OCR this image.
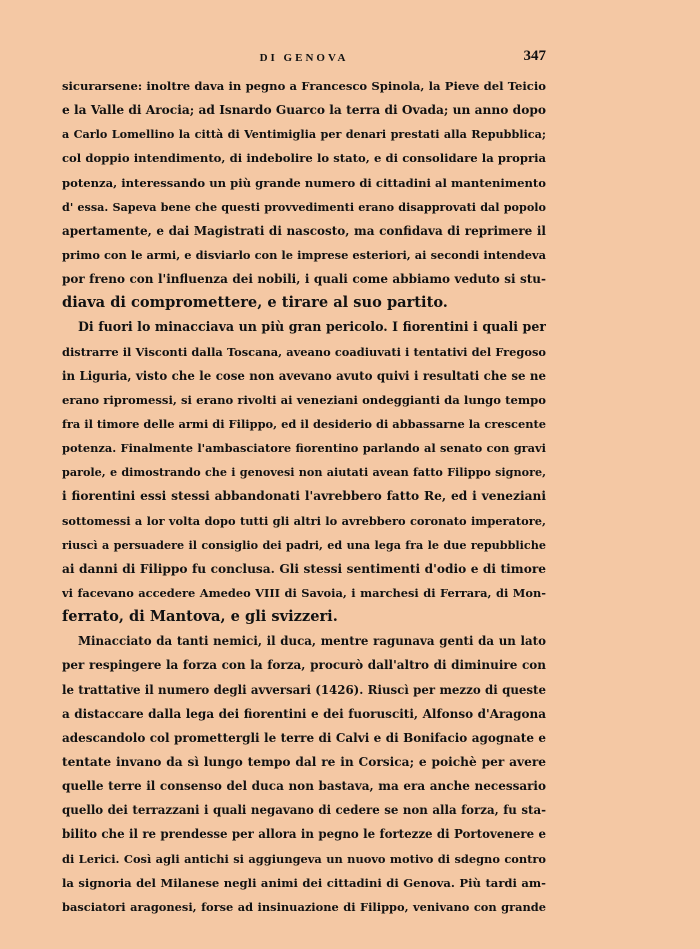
DI GENOVA	347
sicurarsene: inoltre dava in pegno a Francesco Spinola, la Pieve del Teicio
e la Valle di Arocia; ad Isnardo Guarco la terra di Ovada; un anno dopo
a Carlo Lomellino la città di Ventimiglia per denari prestati alla Repubblica;
col doppio intendimento, di indebolire lo stato, e di consolidare la propria
potenza, interessando un più grande numero di cittadini al mantenimento
d' essa. Sapeva bene che questi provvedimenti erano disapprovati dal popolo
apertamente, e dai Magistrati di nascosto, ma confidava di reprimere il
primo con le armi, e disviarlo con le imprese esteriori, ai secondi intendeva
por freno con l'influenza dei nobili, i quali come abbiamo veduto si stu-
diava di compromettere, e tirare al suo partito.
Di fuori lo minacciava un più gran pericolo. I fiorentini i quali per
distrarre il Visconti dalla Toscana, aveano coadiuvati i tentativi del Fregoso
in Liguria, visto che le cose non avevano avuto quivi i resultati che se ne
erano ripromessi, si erano rivolti ai veneziani ondeggianti da lungo tempo
fra il timore delle armi di Filippo, ed il desiderio di abbassarne la crescente
potenza. Finalmente l'ambasciatore fiorentino parlando al senato con gravi
parole, e dimostrando che i genovesi non aiutati avean fatto Filippo signore,
i fiorentini essi stessi abbandonati l'avrebbero fatto Re, ed i veneziani
sottomessi a lor volta dopo tutti gli altri lo avrebbero coronato imperatore,
riuscì a persuadere il consiglio dei padri, ed una lega fra le due repubbliche
ai danni di Filippo fu conclusa. Gli stessi sentimenti d'odio e di timore
vi facevano accedere Amedeo VIII di Savoia, i marchesi di Ferrara, di Mon-
ferrato, di Mantova, e gli svizzeri.
Minacciato da tanti nemici, il duca, mentre ragunava genti da un lato
per respingere la forza con la forza, procurò dall'altro di diminuire con
le trattative il numero degli avversari (1426). Riuscì per mezzo di queste
a distaccare dalla lega dei fiorentini e dei fuorusciti, Alfonso d'Aragona
adescandolo col promettergli le terre di Calvi e di Bonifacio agognate e
tentate invano da sì lungo tempo dal re in Corsica; e poichè per avere
quelle terre il consenso del duca non bastava, ma era anche necessario
quello dei terrazzani i quali negavano di cedere se non alla forza, fu sta-
bilito che il re prendesse per allora in pegno le fortezze di Portovenere e
di Lerici. Così agli antichi si aggiungeva un nuovo motivo di sdegno contro
la signoria del Milanese negli animi dei cittadini di Genova. Più tardi am-
basciatori aragonesi, forse ad insinuazione di Filippo, venivano con grande
